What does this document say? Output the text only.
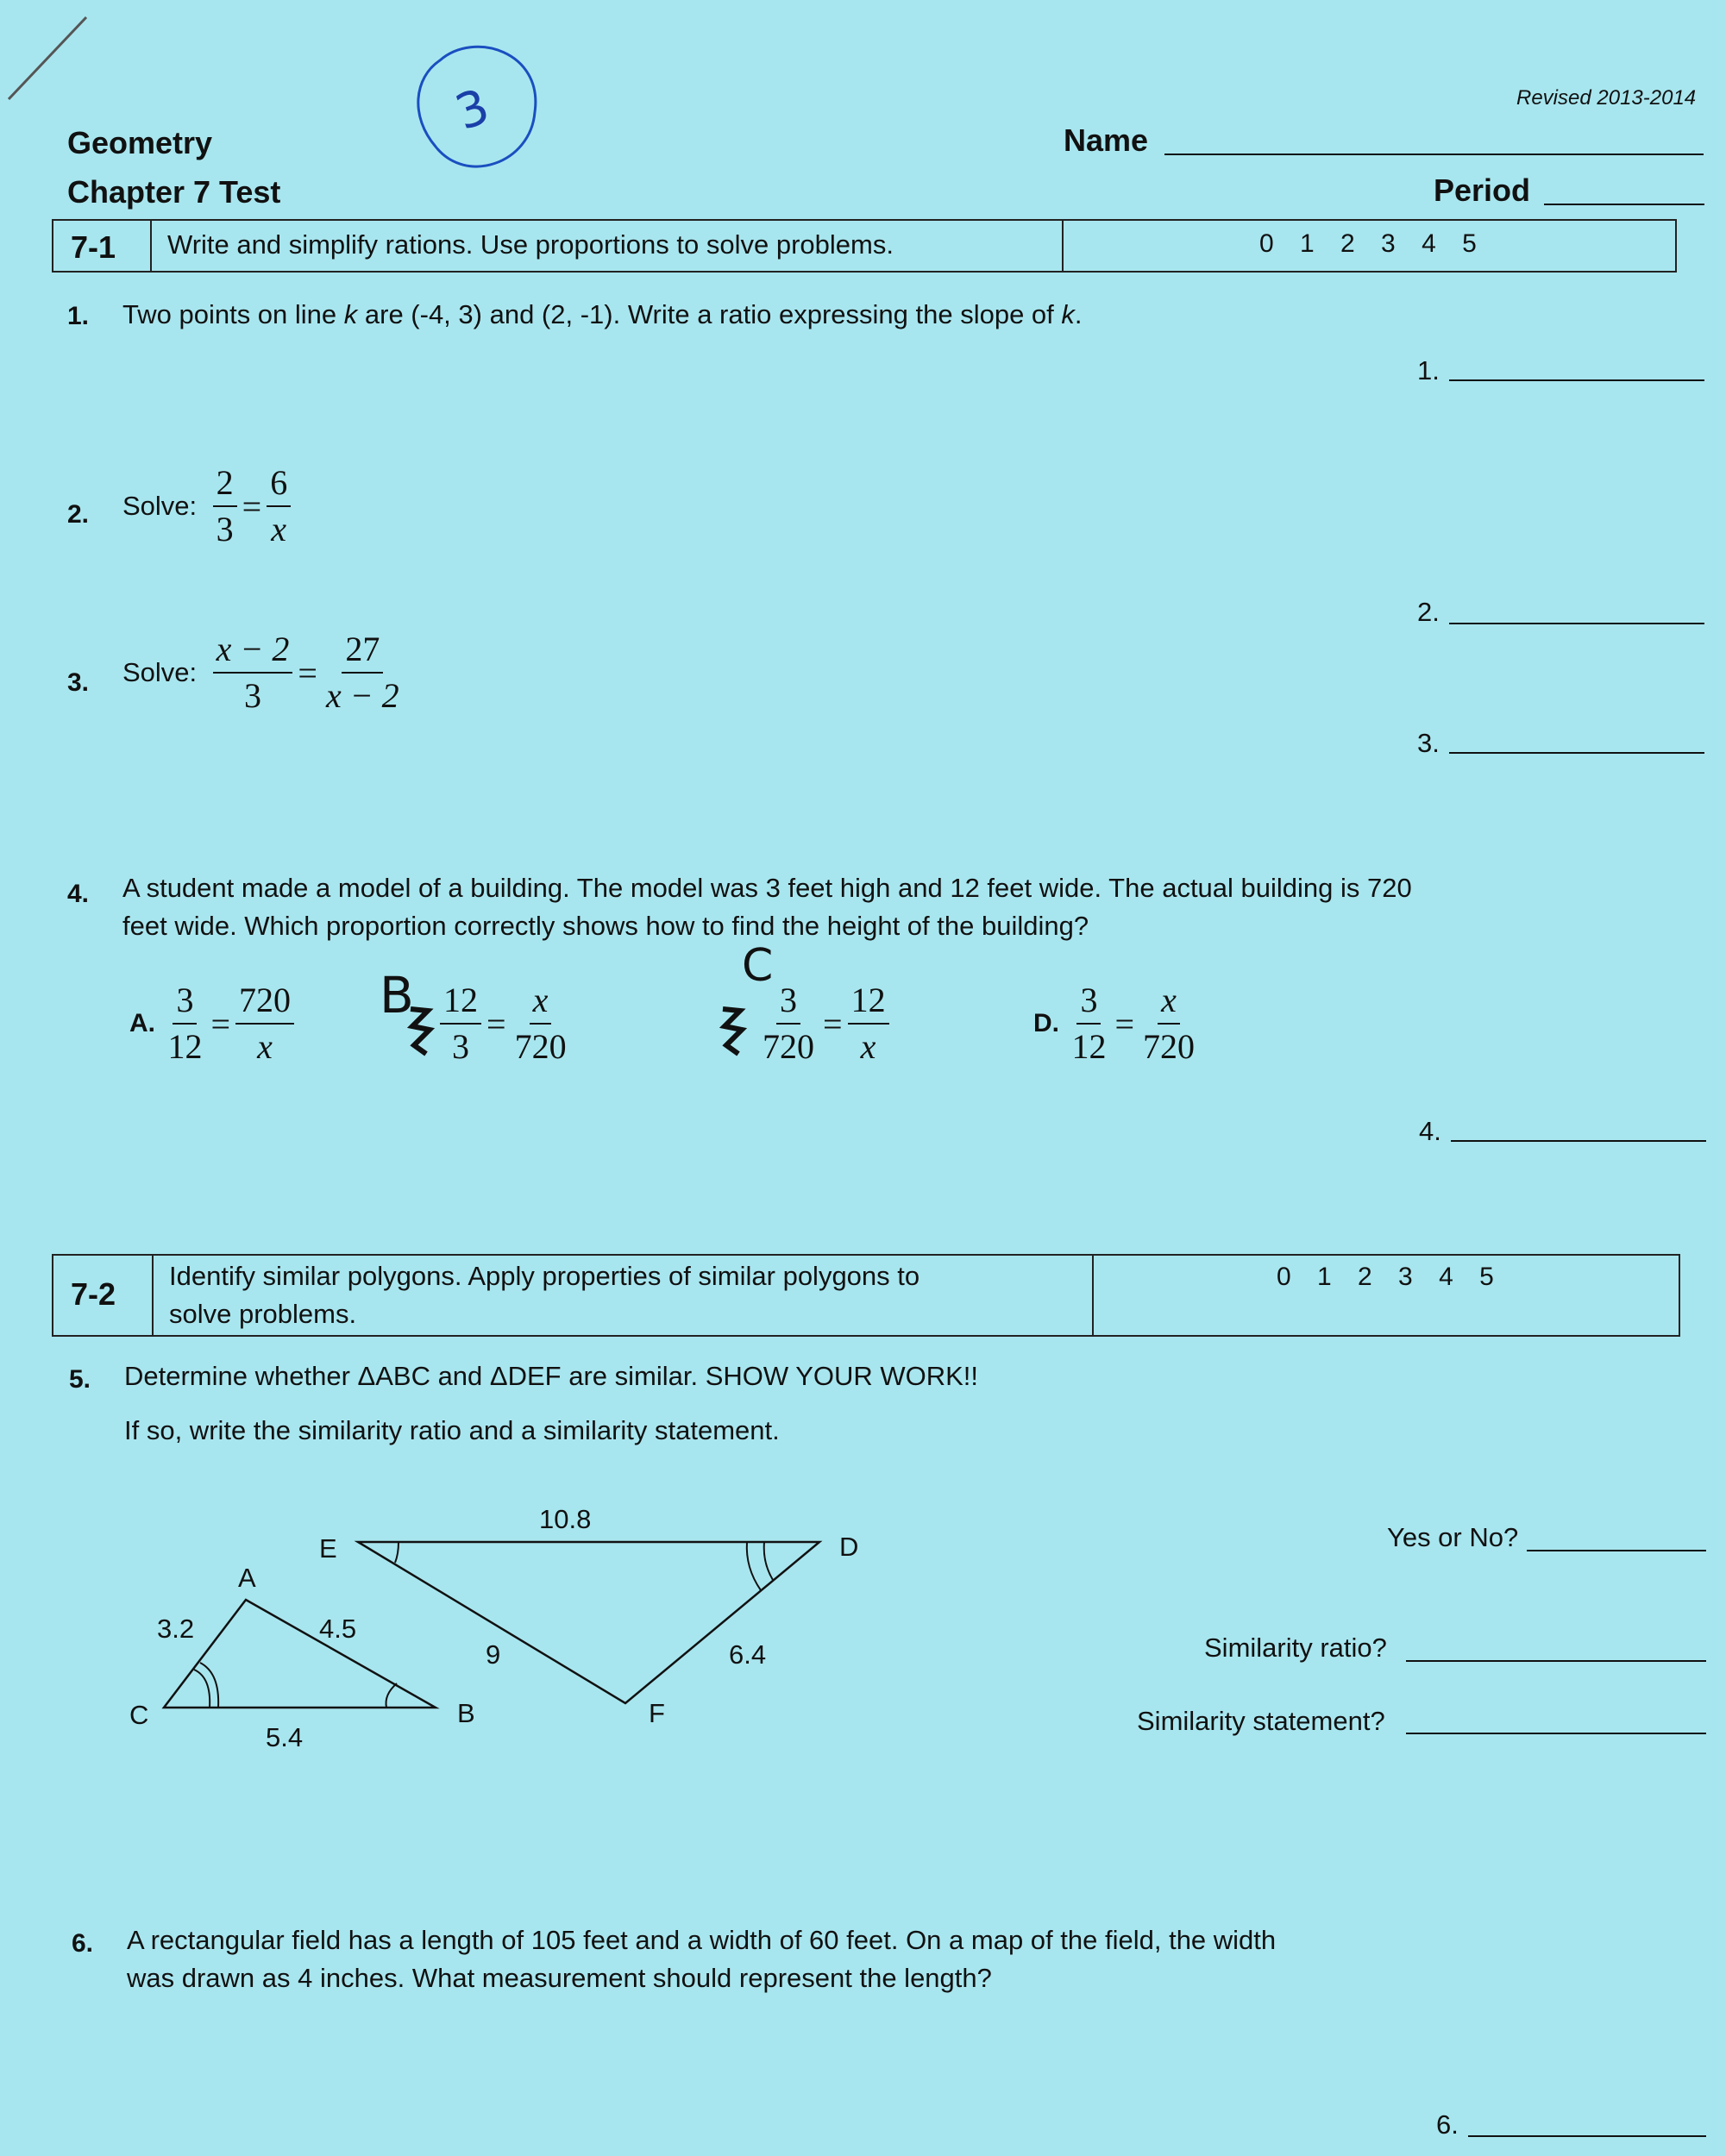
3	Revised 2013-2014
Geometry
Chapter 7 Test
Name
Period
7-1 Write and simplify rations. Use proportions to solve problems.	0 1 2 3 4 5
1. Two points on line k are (-4, 3) and (2, -1). Write a ratio expressing the slope of k.
1.
2. Solve: $\frac{2}{3} = \frac{6}{x}$
2.
3. Solve: $\frac{x - 2}{3} = \frac{27}{x - 2}$
3.
4. A student made a model of a building. The model was 3 feet high and 12 feet wide. The actual building is 720
feet wide. Which proportion correctly shows how to find the height of the building?
A. $\frac{3}{12} = \frac{720}{x}$ B $\frac{12}{3} = \frac{x}{720}$
C
$\frac{3}{720} = \frac{12}{x}$	D. $\frac{3}{12} = \frac{x}{720}$
4.
7-2
Identify similar polygons. Apply properties of similar polygons to
solve problems.
0 1 2 3 4 5
5. Determine whether ΔABC and ΔDEF are similar. SHOW YOUR WORK!!
If so, write the similarity ratio and a similarity statement.
A
B
C
D
E
F
3.2	4.5
5.4
10.8
9	6.4
Yes or No?
Similarity ratio?
Similarity statement?
6. A rectangular field has a length of 105 feet and a width of 60 feet. On a map of the field, the width
was drawn as 4 inches. What measurement should represent the length?
6.
